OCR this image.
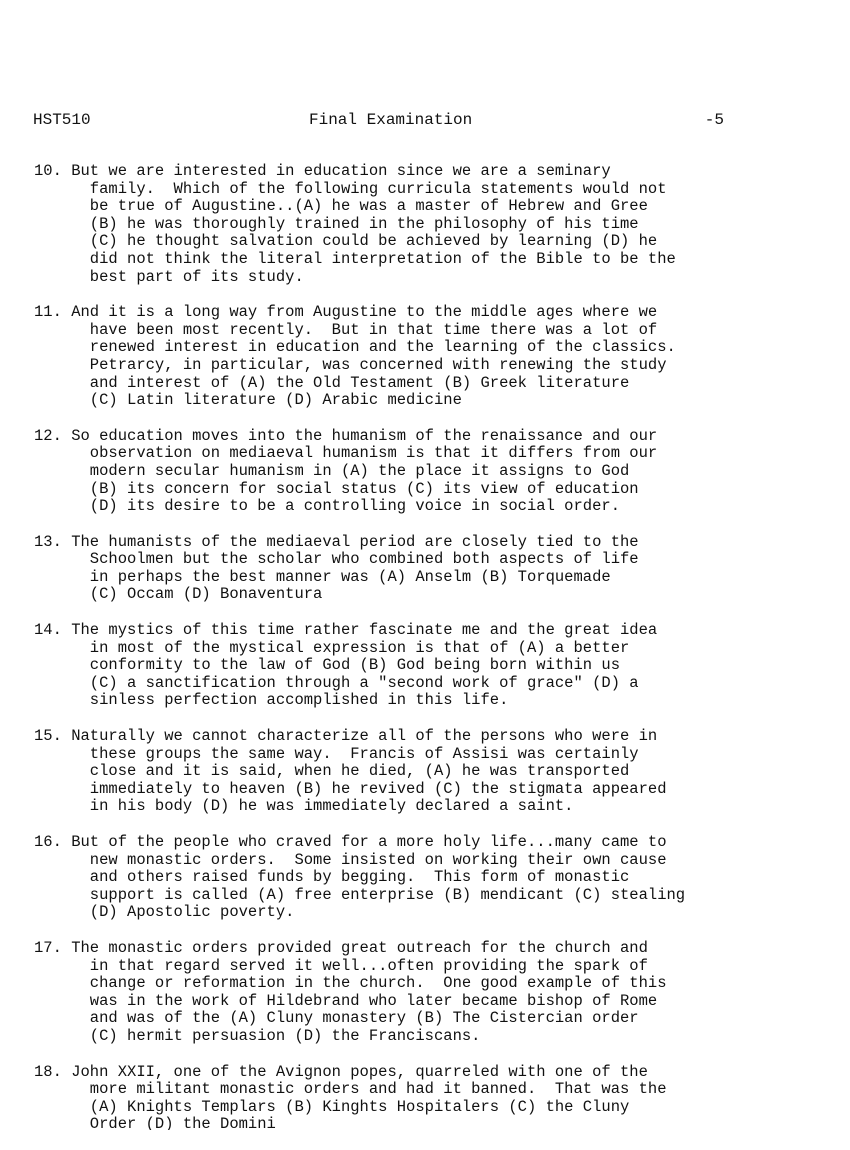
HST510	Final Examination	-5
10. But we are interested in education since we are a seminary
family.  Which of the following curricula statements would not
be true of Augustine..(A) he was a master of Hebrew and Gree
(B) he was thoroughly trained in the philosophy of his time
(C) he thought salvation could be achieved by learning (D) he
did not think the literal interpretation of the Bible to be the
best part of its study.
11. And it is a long way from Augustine to the middle ages where we
have been most recently.  But in that time there was a lot of
renewed interest in education and the learning of the classics.
Petrarcy, in particular, was concerned with renewing the study
and interest of (A) the Old Testament (B) Greek literature
(C) Latin literature (D) Arabic medicine
12. So education moves into the humanism of the renaissance and our
observation on mediaeval humanism is that it differs from our
modern secular humanism in (A) the place it assigns to God
(B) its concern for social status (C) its view of education
(D) its desire to be a controlling voice in social order.
13. The humanists of the mediaeval period are closely tied to the
Schoolmen but the scholar who combined both aspects of life
in perhaps the best manner was (A) Anselm (B) Torquemade
(C) Occam (D) Bonaventura
14. The mystics of this time rather fascinate me and the great idea
in most of the mystical expression is that of (A) a better
conformity to the law of God (B) God being born within us
(C) a sanctification through a "second work of grace" (D) a
sinless perfection accomplished in this life.
15. Naturally we cannot characterize all of the persons who were in
these groups the same way.  Francis of Assisi was certainly
close and it is said, when he died, (A) he was transported
immediately to heaven (B) he revived (C) the stigmata appeared
in his body (D) he was immediately declared a saint.
16. But of the people who craved for a more holy life...many came to
new monastic orders.  Some insisted on working their own cause
and others raised funds by begging.  This form of monastic
support is called (A) free enterprise (B) mendicant (C) stealing
(D) Apostolic poverty.
17. The monastic orders provided great outreach for the church and
in that regard served it well...often providing the spark of
change or reformation in the church.  One good example of this
was in the work of Hildebrand who later became bishop of Rome
and was of the (A) Cluny monastery (B) The Cistercian order
(C) hermit persuasion (D) the Franciscans.
18. John XXII, one of the Avignon popes, quarreled with one of the
more militant monastic orders and had it banned.  That was the
(A) Knights Templars (B) Kinghts Hospitalers (C) the Cluny
Order (D) the Domini
